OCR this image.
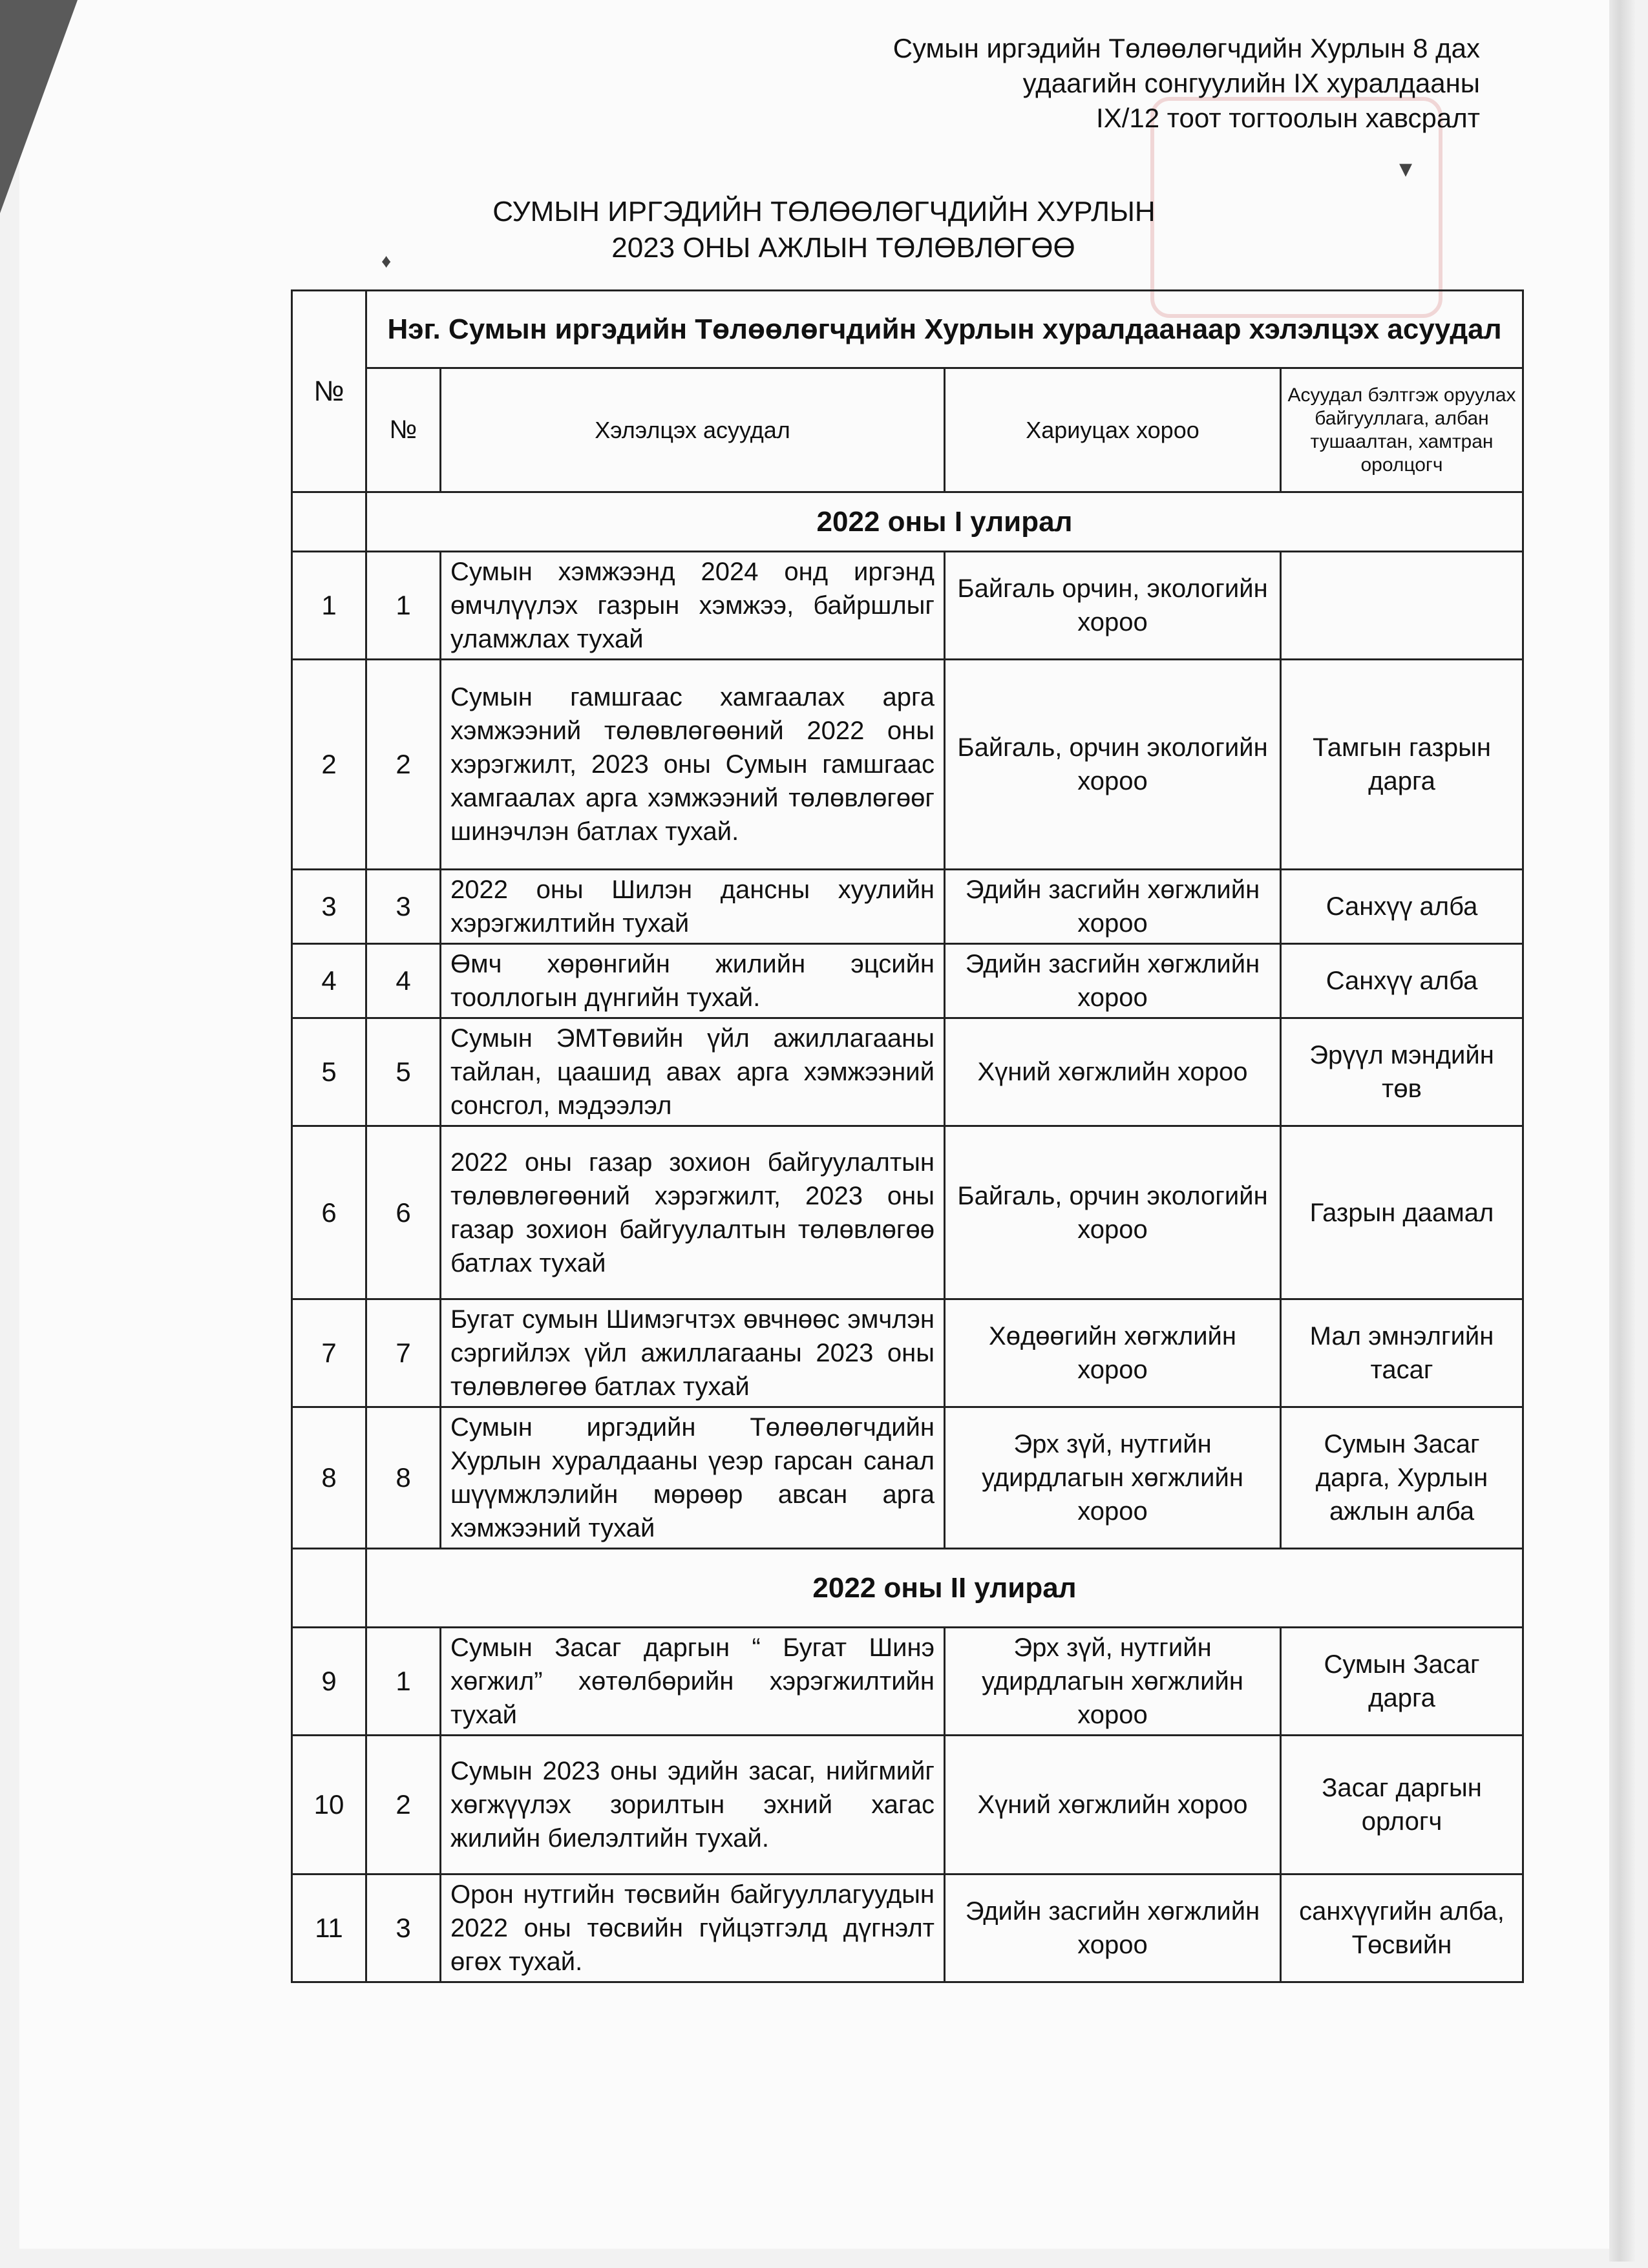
Сумын иргэдийн Төлөөлөгчдийн Хурлын 8 дах
удаагийн сонгуулийн IX хуралдааны
IX/12 тоот тогтоолын хавсралт
▾
♦
СУМЫН ИРГЭДИЙН ТӨЛӨӨЛӨГЧДИЙН ХУРЛЫН
2023 ОНЫ АЖЛЫН ТӨЛӨВЛӨГӨӨ
№	Нэг. Сумын иргэдийн Төлөөлөгчдийн Хурлын хуралдаанаар хэлэлцэх асуудал			
	№	Хэлэлцэх асуудал	Хариуцах хороо	Асуудал бэлтгэж оруулах байгууллага, албан тушаалтан, хамтран оролцогч
	2022 оны I улирал			
1	1	Сумын хэмжээнд 2024 онд иргэнд өмчлүүлэх газрын хэмжээ, байршлыг уламжлах тухай	Байгаль орчин, экологийн хороо	
2	2	Сумын гамшгаас хамгаалах арга хэмжээний төлөвлөгөөний 2022 оны хэрэгжилт, 2023 оны Сумын гамшгаас хамгаалах арга хэмжээний төлөвлөгөөг шинэчлэн батлах тухай.	Байгаль, орчин экологийн хороо	Тамгын газрын дарга
3	3	2022 оны Шилэн дансны хуулийн хэрэгжилтийн тухай	Эдийн засгийн хөгжлийн хороо	Санхүү алба
4	4	Өмч хөрөнгийн жилийн эцсийн тооллогын дүнгийн тухай.	Эдийн засгийн хөгжлийн хороо	Санхүү алба
5	5	Сумын ЭМТөвийн үйл ажиллагааны тайлан, цаашид авах арга хэмжээний сонсгол, мэдээлэл	Хүний хөгжлийн хороо	Эрүүл мэндийн төв
6	6	2022 оны газар зохион байгуулалтын төлөвлөгөөний хэрэгжилт, 2023 оны газар зохион байгуулалтын төлөвлөгөө батлах тухай	Байгаль, орчин экологийн хороо	Газрын даамал
7	7	Бугат сумын Шимэгчтэх өвчнөөс эмчлэн сэргийлэх үйл ажиллагааны 2023 оны төлөвлөгөө батлах тухай	Хөдөөгийн хөгжлийн хороо	Мал эмнэлгийн тасаг
8	8	Сумын иргэдийн Төлөөлөгчдийн Хурлын хуралдааны үеэр гарсан санал шүүмжлэлийн мөрөөр авсан арга хэмжээний тухай	Эрх зүй, нутгийн удирдлагын хөгжлийн хороо	Сумын Засаг дарга, Хурлын ажлын алба
	2022 оны II улирал			
9	1	Сумын Засаг даргын “ Бугат Шинэ хөгжил” хөтөлбөрийн хэрэгжилтийн тухай	Эрх зүй, нутгийн удирдлагын хөгжлийн хороо	Сумын Засаг дарга
10	2	Сумын 2023 оны эдийн засаг, нийгмийг хөгжүүлэх зорилтын эхний хагас жилийн биелэлтийн тухай.	Хүний хөгжлийн хороо	Засаг даргын орлогч
11	3	Орон нутгийн төсвийн байгууллагуудын 2022 оны төсвийн гүйцэтгэлд дүгнэлт өгөх тухай.	Эдийн засгийн хөгжлийн хороо	санхүүгийн алба, Төсвийн
